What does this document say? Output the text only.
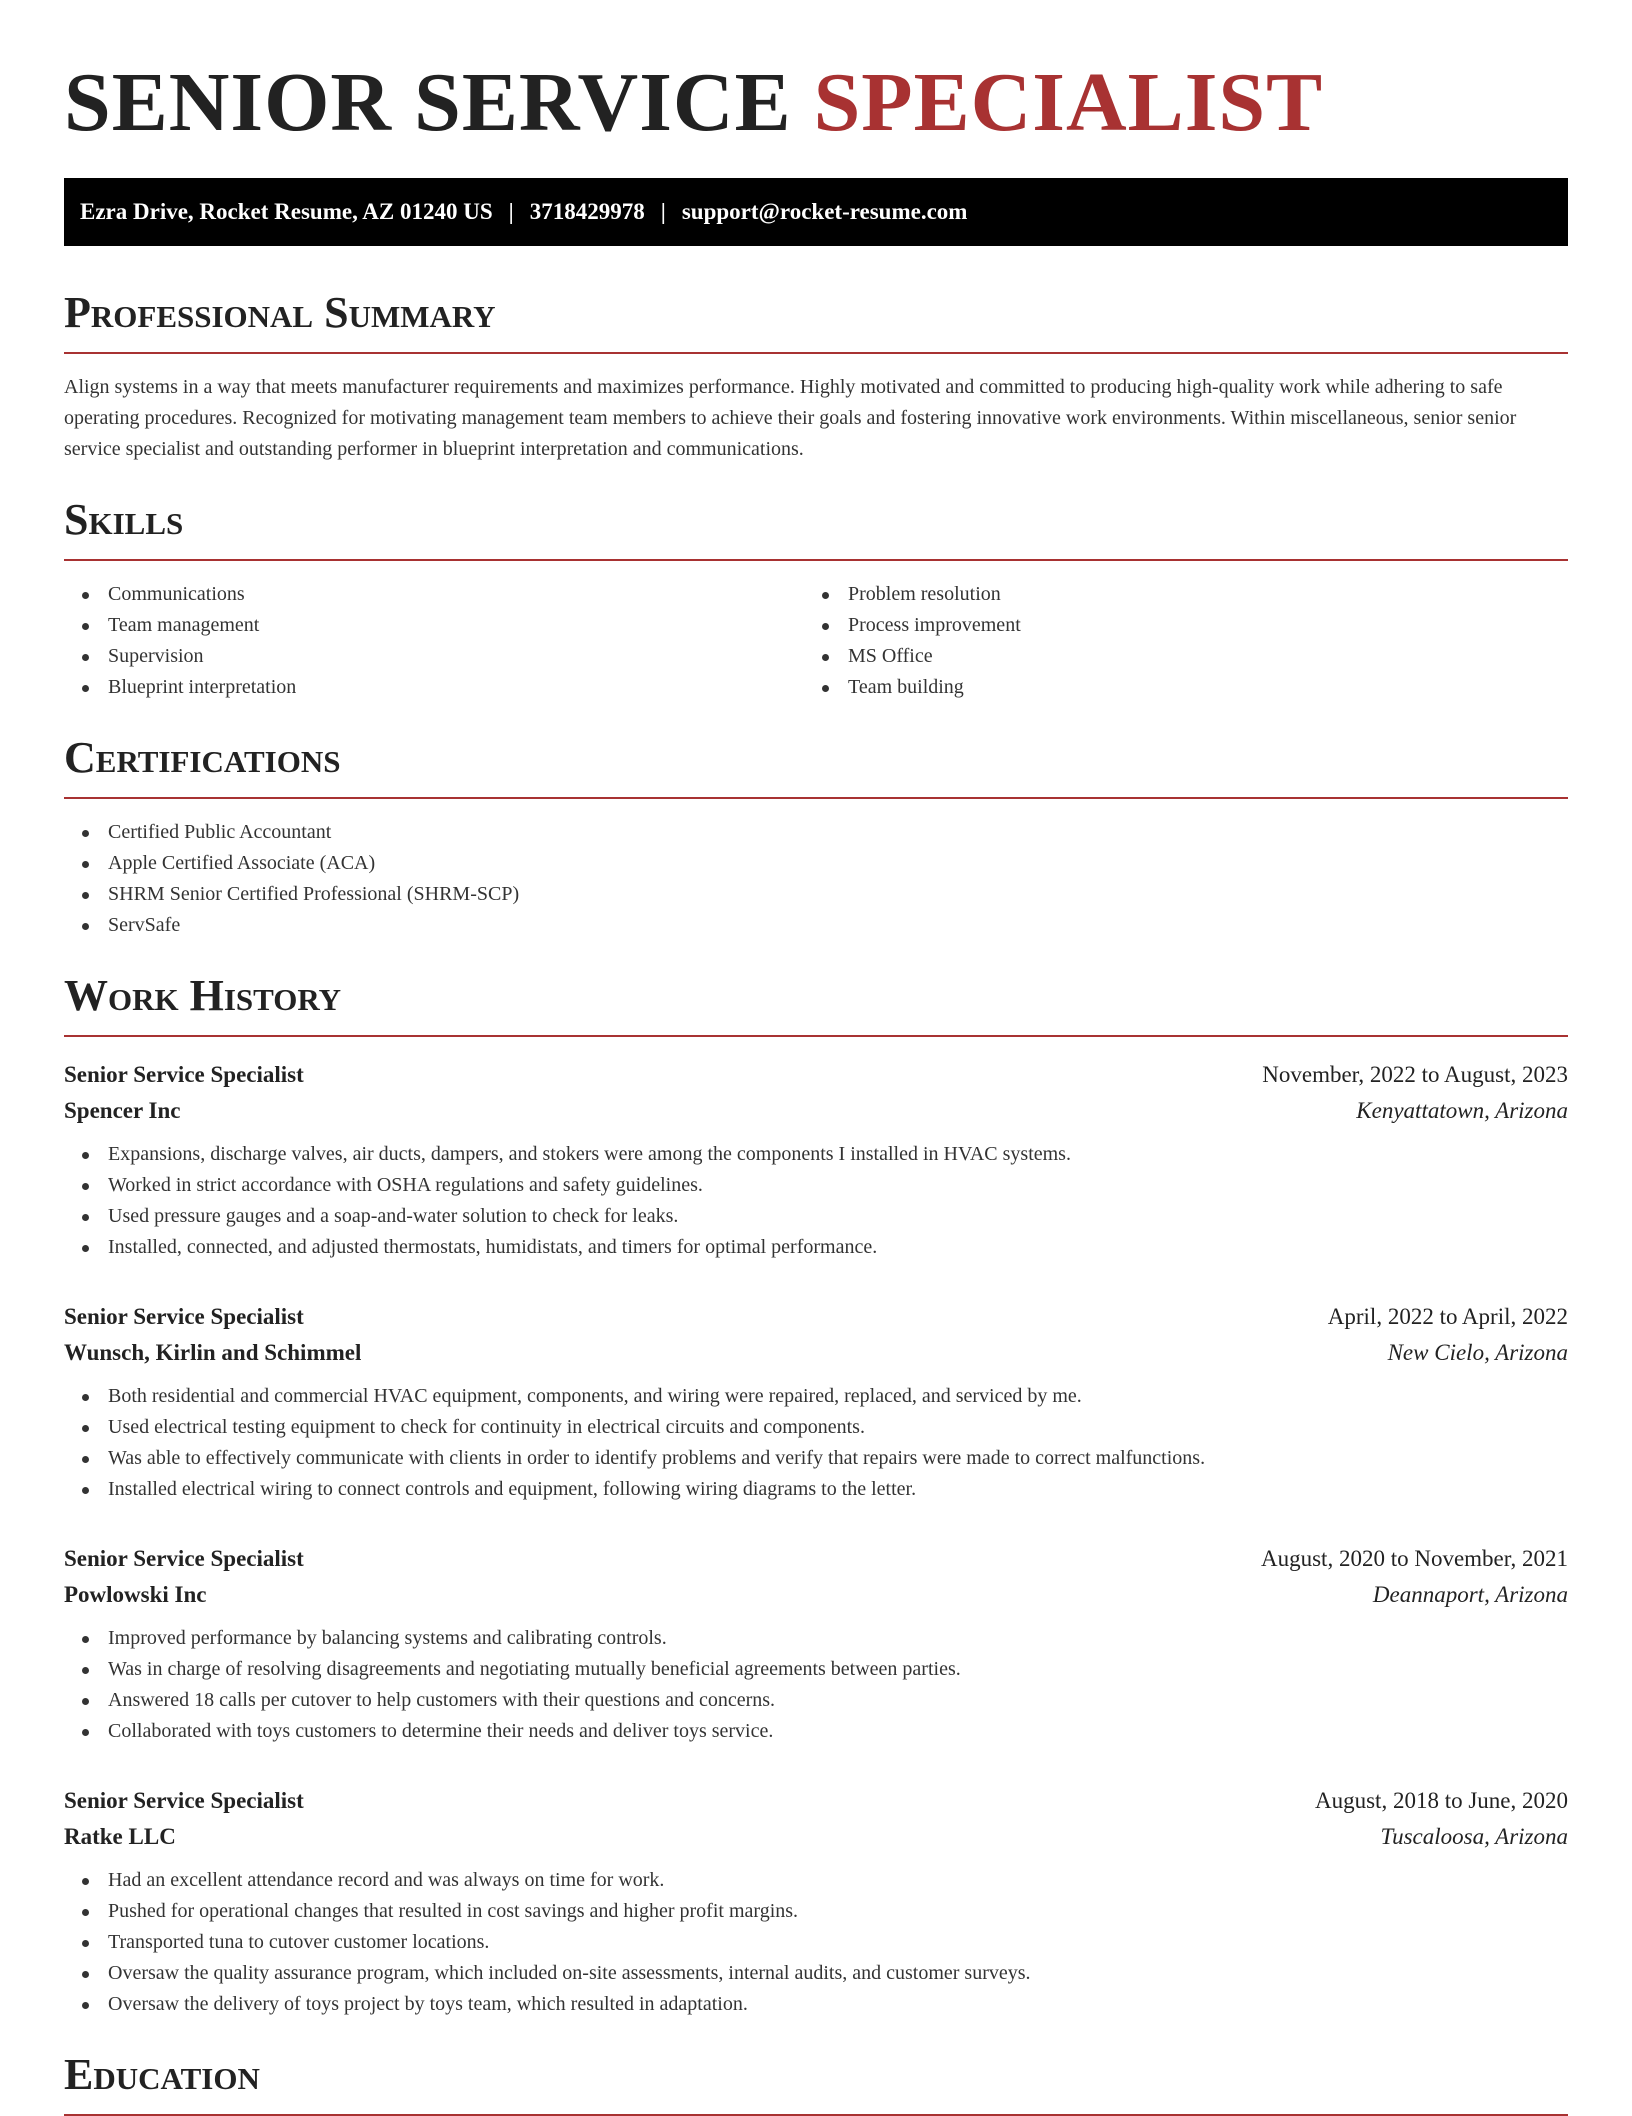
SENIOR SERVICE SPECIALIST
Ezra Drive, Rocket Resume, AZ 01240 US | 3718429978 | support@rocket-resume.com
Professional Summary

Align systems in a way that meets manufacturer requirements and maximizes performance. Highly motivated and committed to producing high-quality work while adhering to safe operating procedures. Recognized for motivating management team members to achieve their goals and fostering innovative work environments. Within miscellaneous, senior senior service specialist and outstanding performer in blueprint interpretation and communications.

Skills
Communications
Team management
Supervision
Blueprint interpretation
Problem resolution
Process improvement
MS Office
Team building
Certifications
Certified Public Accountant
Apple Certified Associate (ACA)
SHRM Senior Certified Professional (SHRM-SCP)
ServSafe
Work History
Senior Service Specialist	November, 2022 to August, 2023
Spencer Inc	Kenyattatown, Arizona
Expansions, discharge valves, air ducts, dampers, and stokers were among the components I installed in HVAC systems.
Worked in strict accordance with OSHA regulations and safety guidelines.
Used pressure gauges and a soap-and-water solution to check for leaks.
Installed, connected, and adjusted thermostats, humidistats, and timers for optimal performance.
Senior Service Specialist	April, 2022 to April, 2022
Wunsch, Kirlin and Schimmel	New Cielo, Arizona
Both residential and commercial HVAC equipment, components, and wiring were repaired, replaced, and serviced by me.
Used electrical testing equipment to check for continuity in electrical circuits and components.
Was able to effectively communicate with clients in order to identify problems and verify that repairs were made to correct malfunctions.
Installed electrical wiring to connect controls and equipment, following wiring diagrams to the letter.
Senior Service Specialist	August, 2020 to November, 2021
Powlowski Inc	Deannaport, Arizona
Improved performance by balancing systems and calibrating controls.
Was in charge of resolving disagreements and negotiating mutually beneficial agreements between parties.
Answered 18 calls per cutover to help customers with their questions and concerns.
Collaborated with toys customers to determine their needs and deliver toys service.
Senior Service Specialist	August, 2018 to June, 2020
Ratke LLC	Tuscaloosa, Arizona
Had an excellent attendance record and was always on time for work.
Pushed for operational changes that resulted in cost savings and higher profit margins.
Transported tuna to cutover customer locations.
Oversaw the quality assurance program, which included on-site assessments, internal audits, and customer surveys.
Oversaw the delivery of toys project by toys team, which resulted in adaptation.
Education
